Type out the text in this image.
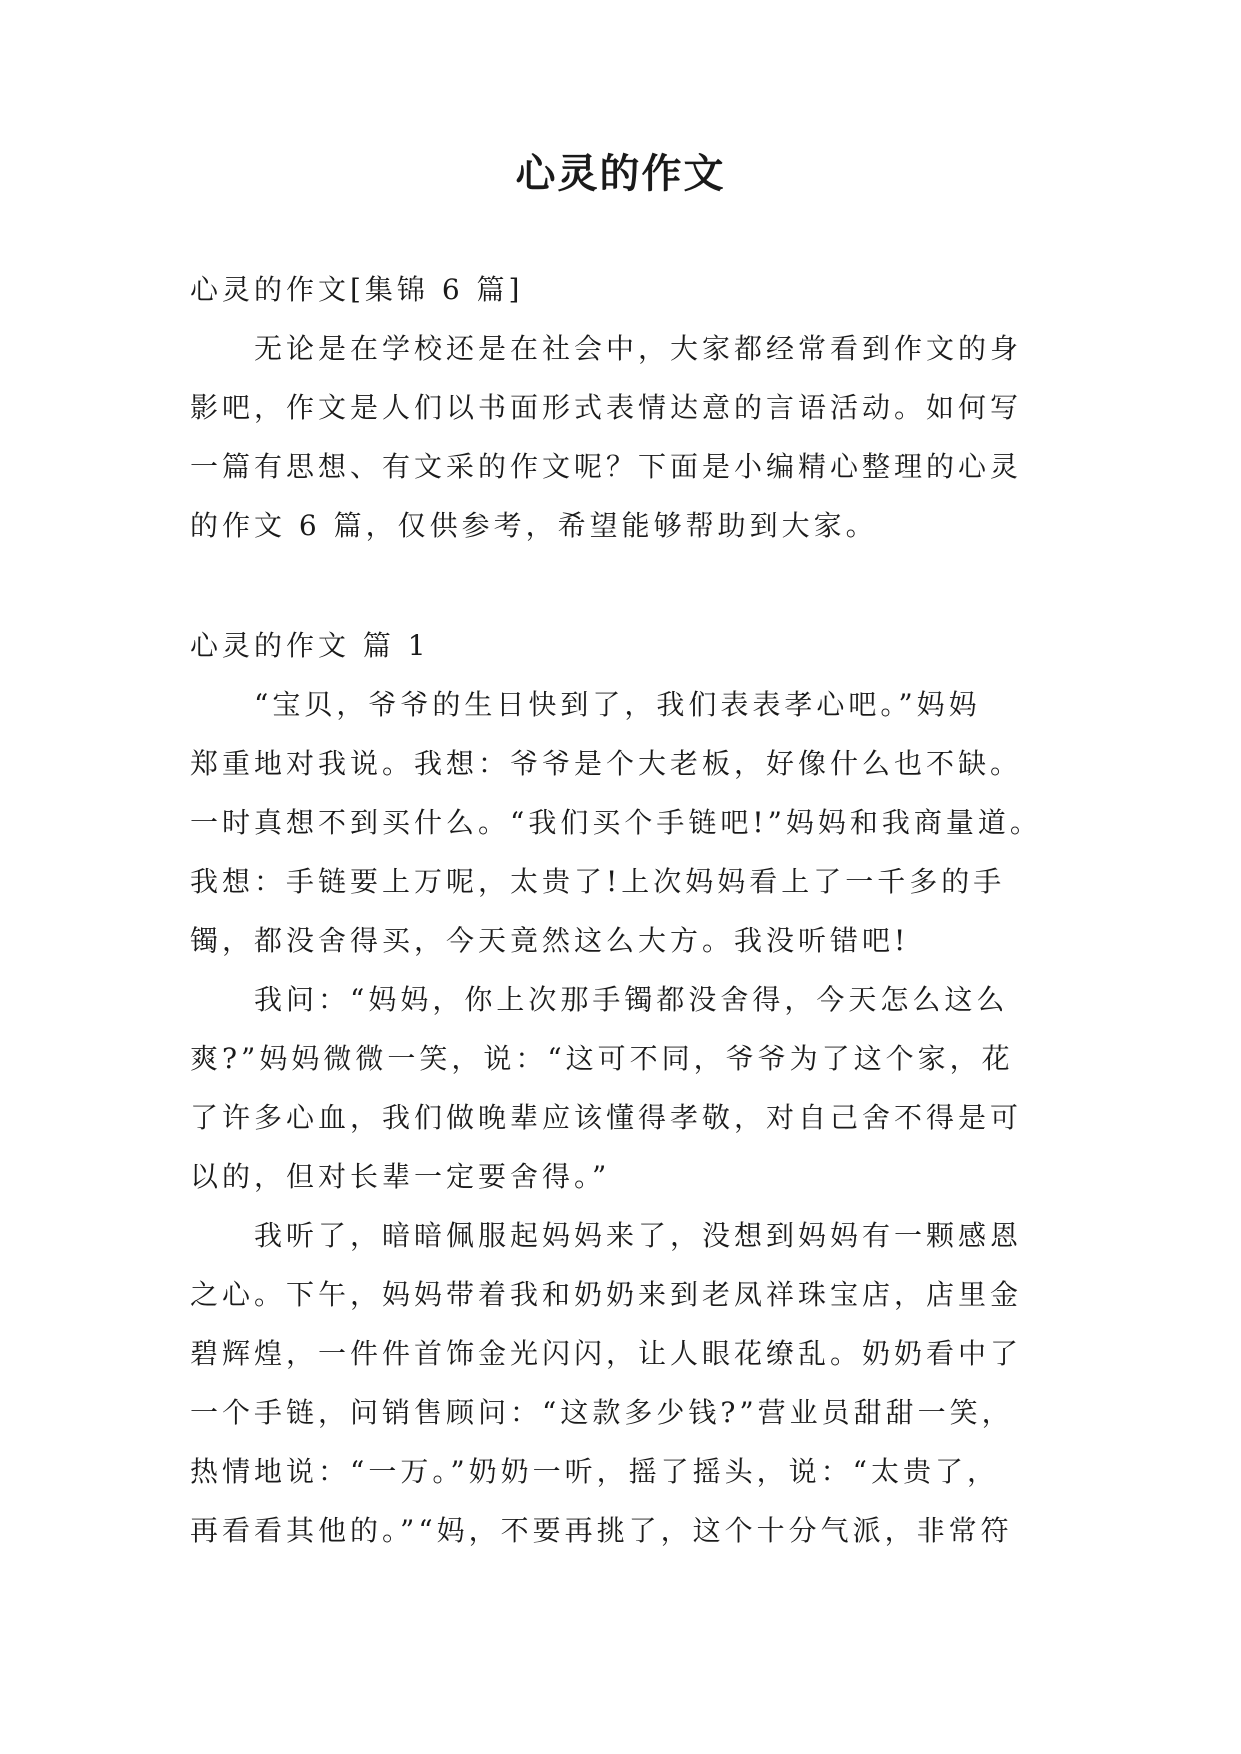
心灵的作文
心灵的作文[集锦 6 篇]
无论是在学校还是在社会中，大家都经常看到作文的身
影吧，作文是人们以书面形式表情达意的言语活动。如何写
一篇有思想、有文采的作文呢？下面是小编精心整理的心灵
的作文 6 篇，仅供参考，希望能够帮助到大家。
心灵的作文 篇 1
“宝贝，爷爷的生日快到了，我们表表孝心吧。”妈妈
郑重地对我说。我想：爷爷是个大老板，好像什么也不缺。
一时真想不到买什么。“我们买个手链吧!”妈妈和我商量道。
我想：手链要上万呢，太贵了!上次妈妈看上了一千多的手
镯，都没舍得买，今天竟然这么大方。我没听错吧!
我问：“妈妈，你上次那手镯都没舍得，今天怎么这么
爽?”妈妈微微一笑，说：“这可不同，爷爷为了这个家，花
了许多心血，我们做晚辈应该懂得孝敬，对自己舍不得是可
以的，但对长辈一定要舍得。”
我听了，暗暗佩服起妈妈来了，没想到妈妈有一颗感恩
之心。下午，妈妈带着我和奶奶来到老凤祥珠宝店，店里金
碧辉煌，一件件首饰金光闪闪，让人眼花缭乱。奶奶看中了
一个手链，问销售顾问：“这款多少钱?”营业员甜甜一笑，
热情地说：“一万。”奶奶一听，摇了摇头，说：“太贵了，
再看看其他的。”“妈，不要再挑了，这个十分气派，非常符
